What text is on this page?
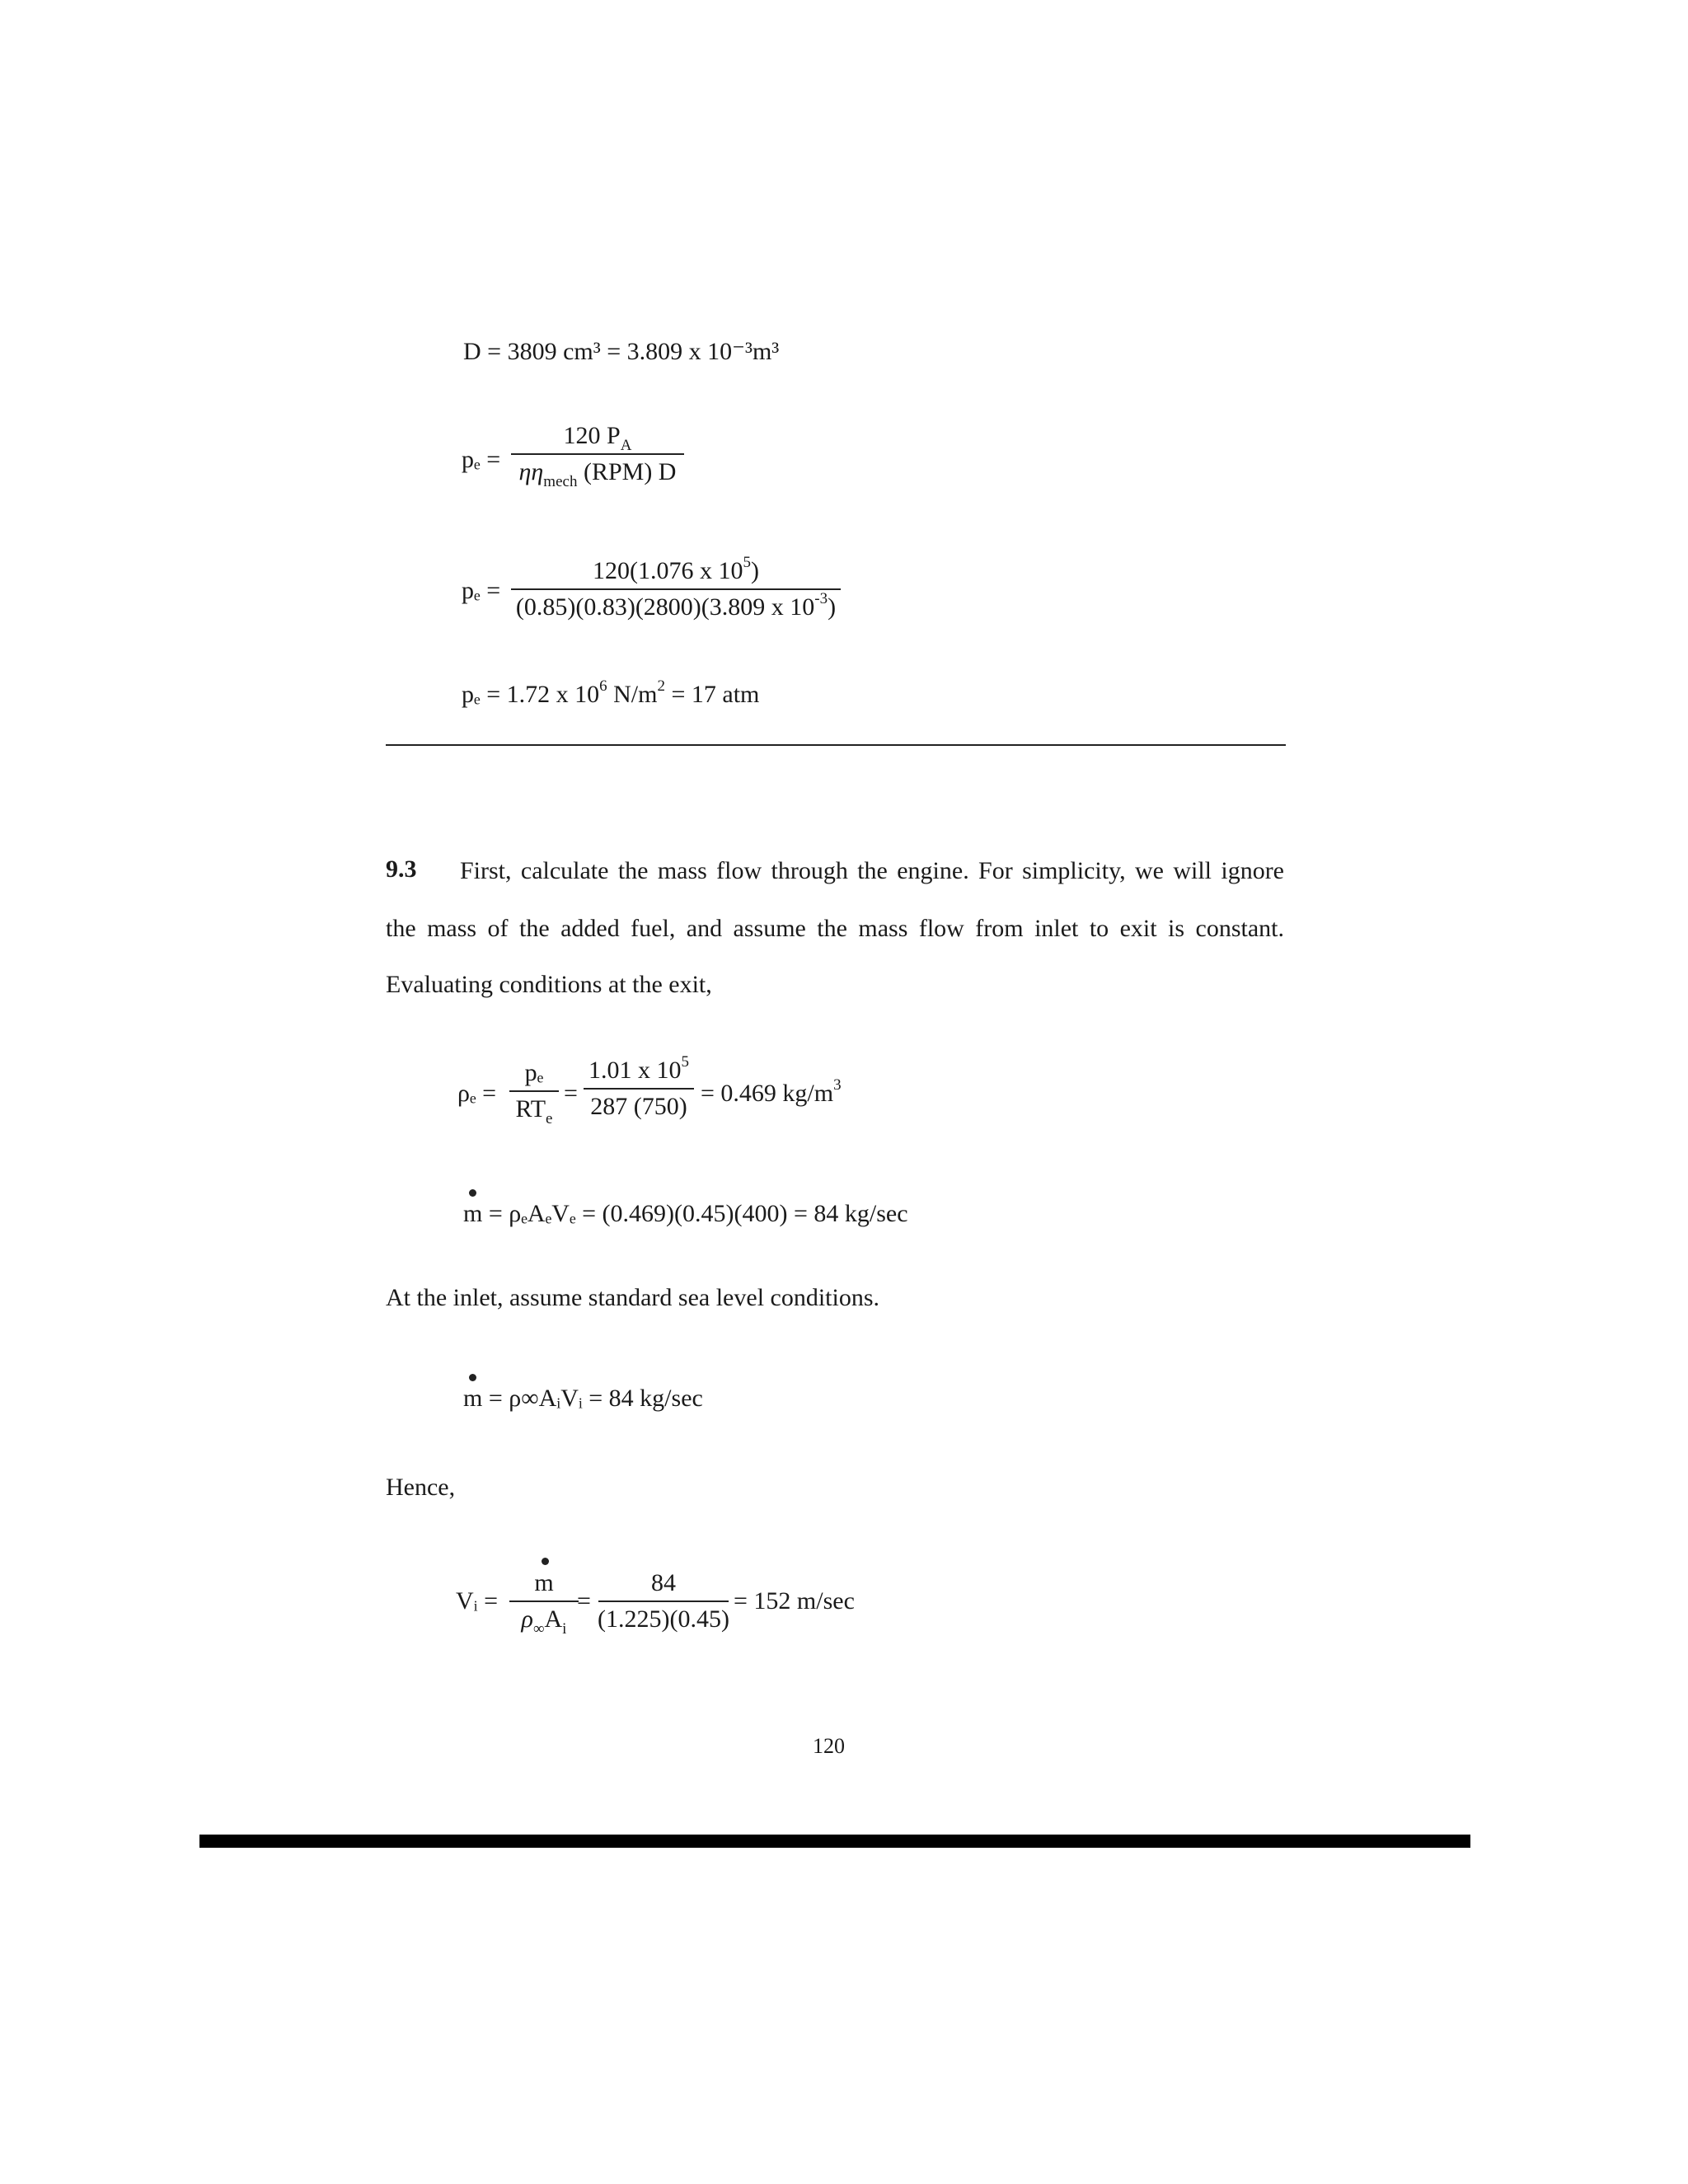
D = 3809 cm³ = 3.809 x 10⁻³m³
pₑ =
120 $P_A$
$\eta\eta_{mech}$ (RPM) D
pₑ =
120(1.076 x $10^5$)
(0.85)(0.83)(2800)(3.809 x $10^{-3}$)
pₑ = 1.72 x $10^6$ $N/m^2 = 17$ atm
9.3 First, calculate the mass flow through the engine. For simplicity, we will ignore
the mass of the added fuel, and assume the mass flow from inlet to exit is constant.
Evaluating conditions at the exit,
ρₑ =
pₑ
$RT_e$
=
1.01 x $10^5$
287 (750) = 0.469 $kg/m^3$
m = ρₑAₑVₑ = (0.469)(0.45)(400) = 84 kg/sec
At the inlet, assume standard sea level conditions.
m = ρ∞AᵢVᵢ = 84 kg/sec
Hence,
Vᵢ =
m
$\rho_\infty A_i$
=
84
(1.225)(0.45)
= 152 m/sec
120
